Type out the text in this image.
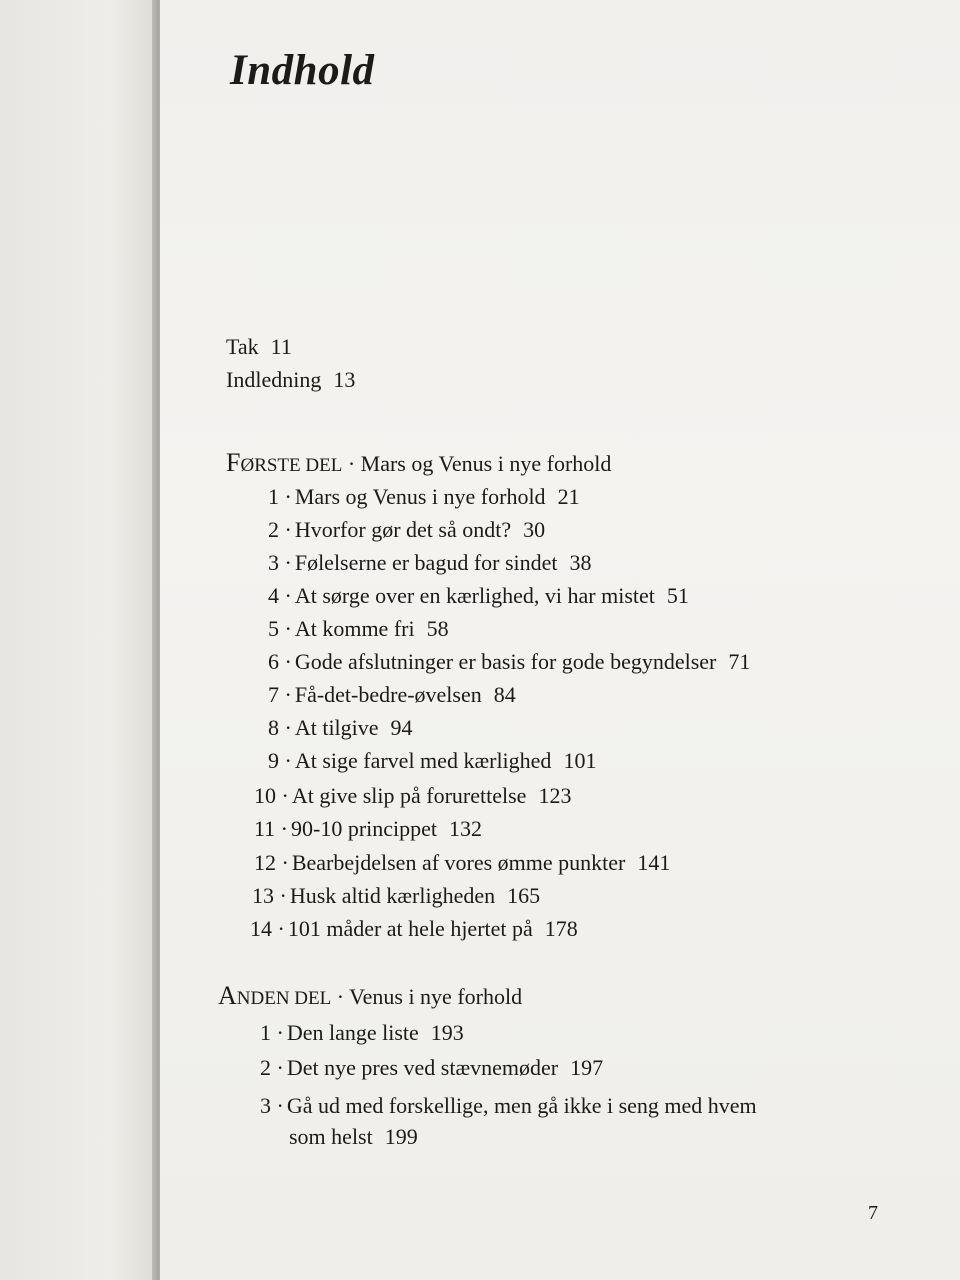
Indhold
Tak 11
Indledning 13
FØRSTE DEL · Mars og Venus i nye forhold
1 · Mars og Venus i nye forhold 21
2 · Hvorfor gør det så ondt? 30
3 · Følelserne er bagud for sindet 38
4 · At sørge over en kærlighed, vi har mistet 51
5 · At komme fri 58
6 · Gode afslutninger er basis for gode begyndelser 71
7 · Få-det-bedre-øvelsen 84
8 · At tilgive 94
9 · At sige farvel med kærlighed 101
10 · At give slip på forurettelse 123
11 · 90-10 princippet 132
12 · Bearbejdelsen af vores ømme punkter 141
13 · Husk altid kærligheden 165
14 · 101 måder at hele hjertet på 178
ANDEN DEL · Venus i nye forhold
1 · Den lange liste 193
2 · Det nye pres ved stævnemøder 197
3 · Gå ud med forskellige, men gå ikke i seng med hvem
som helst 199
7
